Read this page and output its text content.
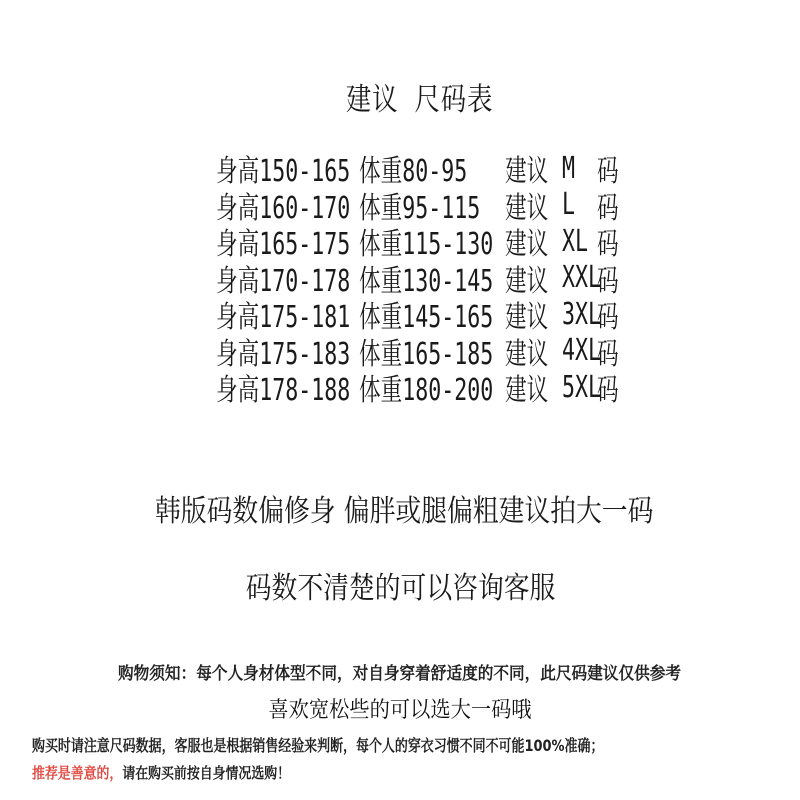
建议 尺码表
身高150-165 体重80-95	建议 M 码
身高160-170 体重95-115 建议 L 码
身高165-175 体重115-130 建议 XL 码
身高170-178 体重130-145 建议 XXL
码
身高175-181 体重145-165 建议 3XL
码
身高175-183 体重165-185 建议 4XL
码
身高178-188 体重180-200 建议 5XL
码
韩版码数偏修身 偏胖或腿偏粗建议拍大一码
码数不清楚的可以咨询客服
购物须知：每个人身材体型不同，对自身穿着舒适度的不同，此尺码建议仅供参考
喜欢宽松些的可以选大一码哦
购买时请注意尺码数据，客服也是根据销售经验来判断，每个人的穿衣习惯不同不可能100%准确；
推荐是善意的，请在购买前按自身情况选购！
